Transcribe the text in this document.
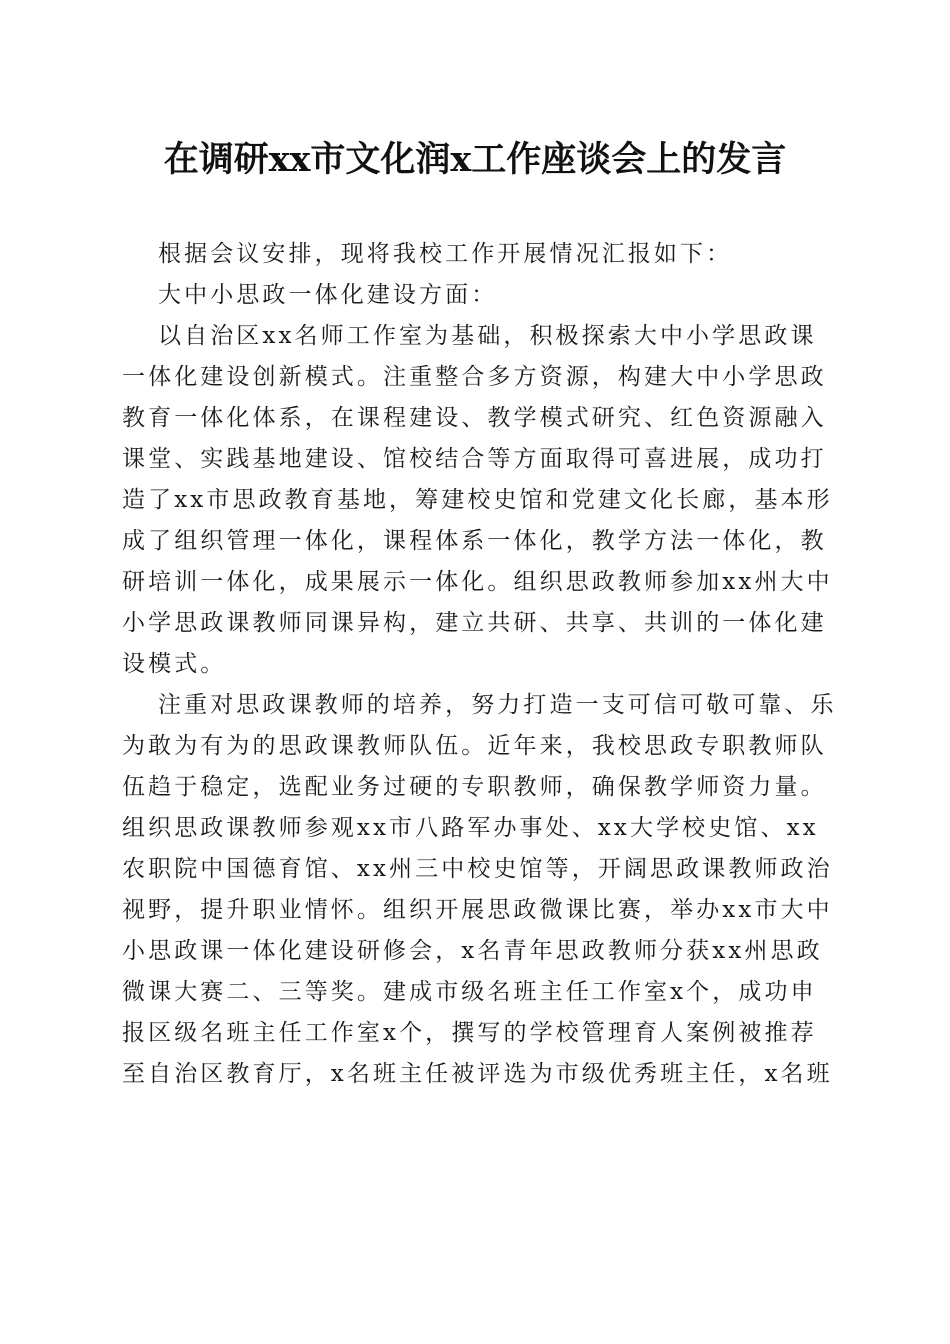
在调研xx市文化润x工作座谈会上的发言

根据会议安排，现将我校工作开展情况汇报如下：

大中小思政一体化建设方面：

以自治区xx名师工作室为基础，积极探索大中小学思政课
一体化建设创新模式。注重整合多方资源，构建大中小学思政
教育一体化体系，在课程建设、教学模式研究、红色资源融入
课堂、实践基地建设、馆校结合等方面取得可喜进展，成功打
造了xx市思政教育基地，筹建校史馆和党建文化长廊，基本形
成了组织管理一体化，课程体系一体化，教学方法一体化，教
研培训一体化，成果展示一体化。组织思政教师参加xx州大中
小学思政课教师同课异构，建立共研、共享、共训的一体化建
设模式。

注重对思政课教师的培养，努力打造一支可信可敬可靠、乐
为敢为有为的思政课教师队伍。近年来，我校思政专职教师队
伍趋于稳定，选配业务过硬的专职教师，确保教学师资力量。
组织思政课教师参观xx市八路军办事处、xx大学校史馆、xx
农职院中国德育馆、xx州三中校史馆等，开阔思政课教师政治
视野，提升职业情怀。组织开展思政微课比赛，举办xx市大中
小思政课一体化建设研修会，x名青年思政教师分获xx州思政
微课大赛二、三等奖。建成市级名班主任工作室x个，成功申
报区级名班主任工作室x个，撰写的学校管理育人案例被推荐
至自治区教育厅，x名班主任被评选为市级优秀班主任，x名班
